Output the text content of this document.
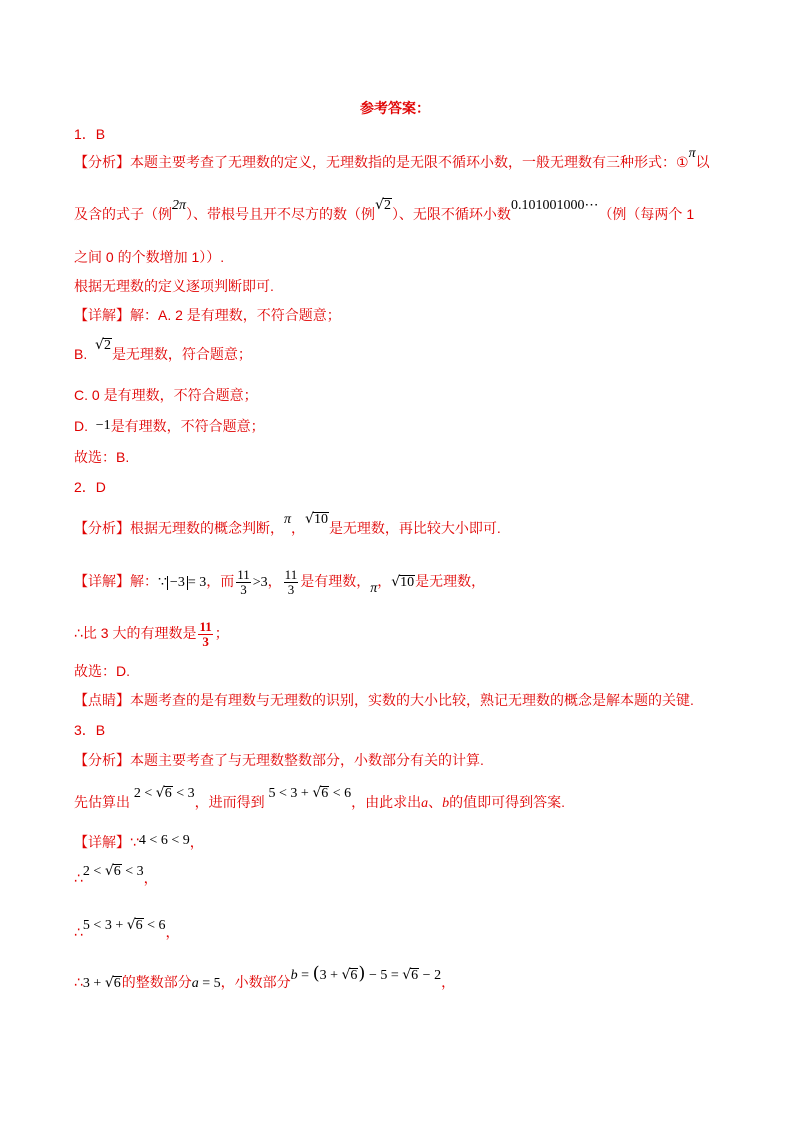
参考答案：
1．B
【分析】本题主要考查了无理数的定义，无理数指的是无限不循环小数，一般无理数有三种形式：①π以
及含的式子（例2π）、带根号且开不尽方的数（例√2）、无限不循环小数0.101001000⋯（例（每两个 1
之间 0 的个数增加 1））.
根据无理数的定义逐项判断即可.
【详解】解：A. 2 是有理数，不符合题意；
B.  √2是无理数，符合题意；
C. 0 是有理数，不符合题意；
D. −1是有理数，不符合题意；
故选：B.
2．D
【分析】根据无理数的概念判断，π，√10是无理数，再比较大小即可.
【详解】解：∵ −3 = 3，而 $\frac{11}{3} >3$， $\frac{11}{3}$ 是有理数，π，√10是无理数，
∴比 3 大的有理数是 $\frac{11}{3}$ ；
故选：D.
【点睛】本题考查的是有理数与无理数的识别，实数的大小比较，熟记无理数的概念是解本题的关键.
3．B
【分析】本题主要考查了与无理数整数部分，小数部分有关的计算.
先估算出 2 < √6 < 3，进而得到 5 < 3 + √6 < 6，由此求出a、b的值即可得到答案.
【详解】∵4 < 6 < 9，
∴2 < √6 < 3，
∴5 < 3 + √6 < 6，
∴3 + √6的整数部分a = 5，小数部分b = (3 + √6) − 5 = √6 − 2，
